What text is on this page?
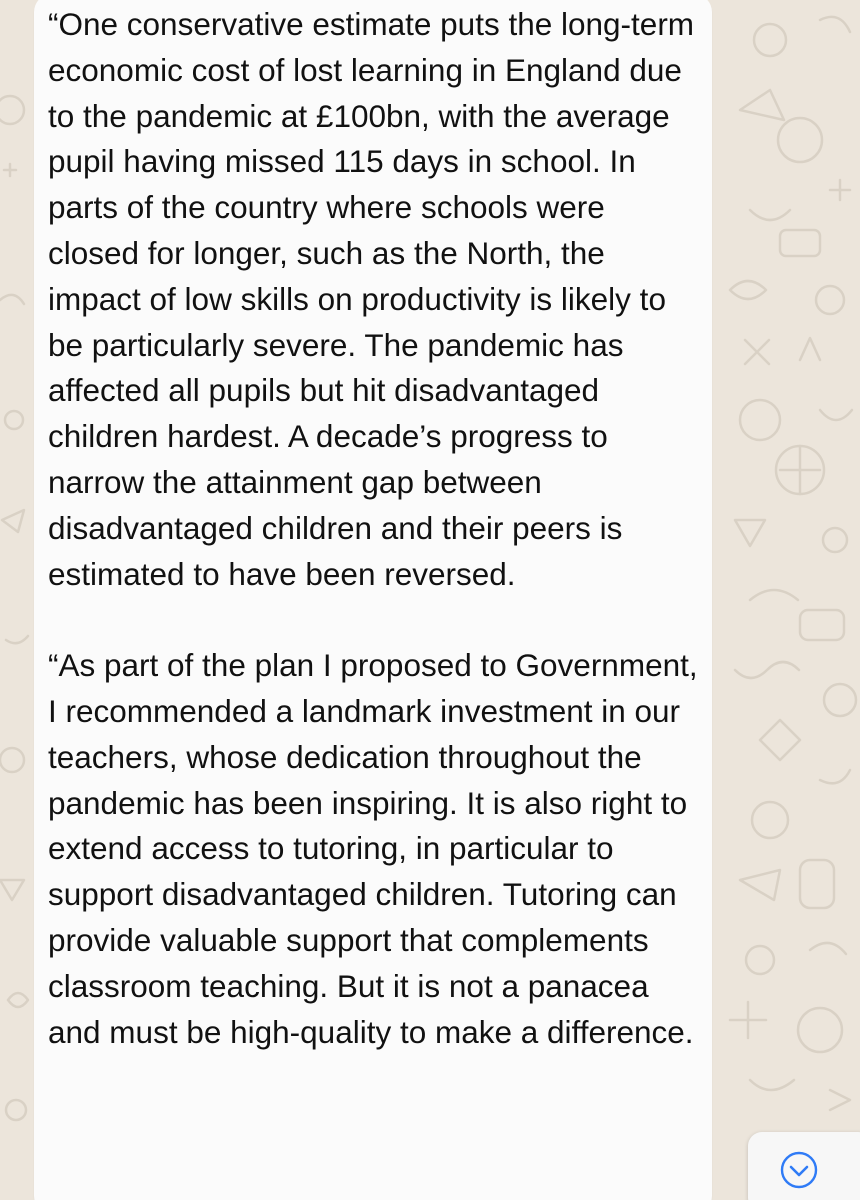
“One conservative estimate puts the long-term economic cost of lost learning in England due to the pandemic at £100bn, with the average pupil having missed 115 days in school. In parts of the country where schools were closed for longer, such as the North, the impact of low skills on productivity is likely to be particularly severe. The pandemic has affected all pupils but hit disadvantaged children hardest. A decade’s progress to narrow the attainment gap between disadvantaged children and their peers is estimated to have been reversed.

“As part of the plan I proposed to Government, I recommended a landmark investment in our teachers, whose dedication throughout the pandemic has been inspiring. It is also right to extend access to tutoring, in particular to support disadvantaged children. Tutoring can provide valuable support that complements classroom teaching. But it is not a panacea and must be high-quality to make a difference.
